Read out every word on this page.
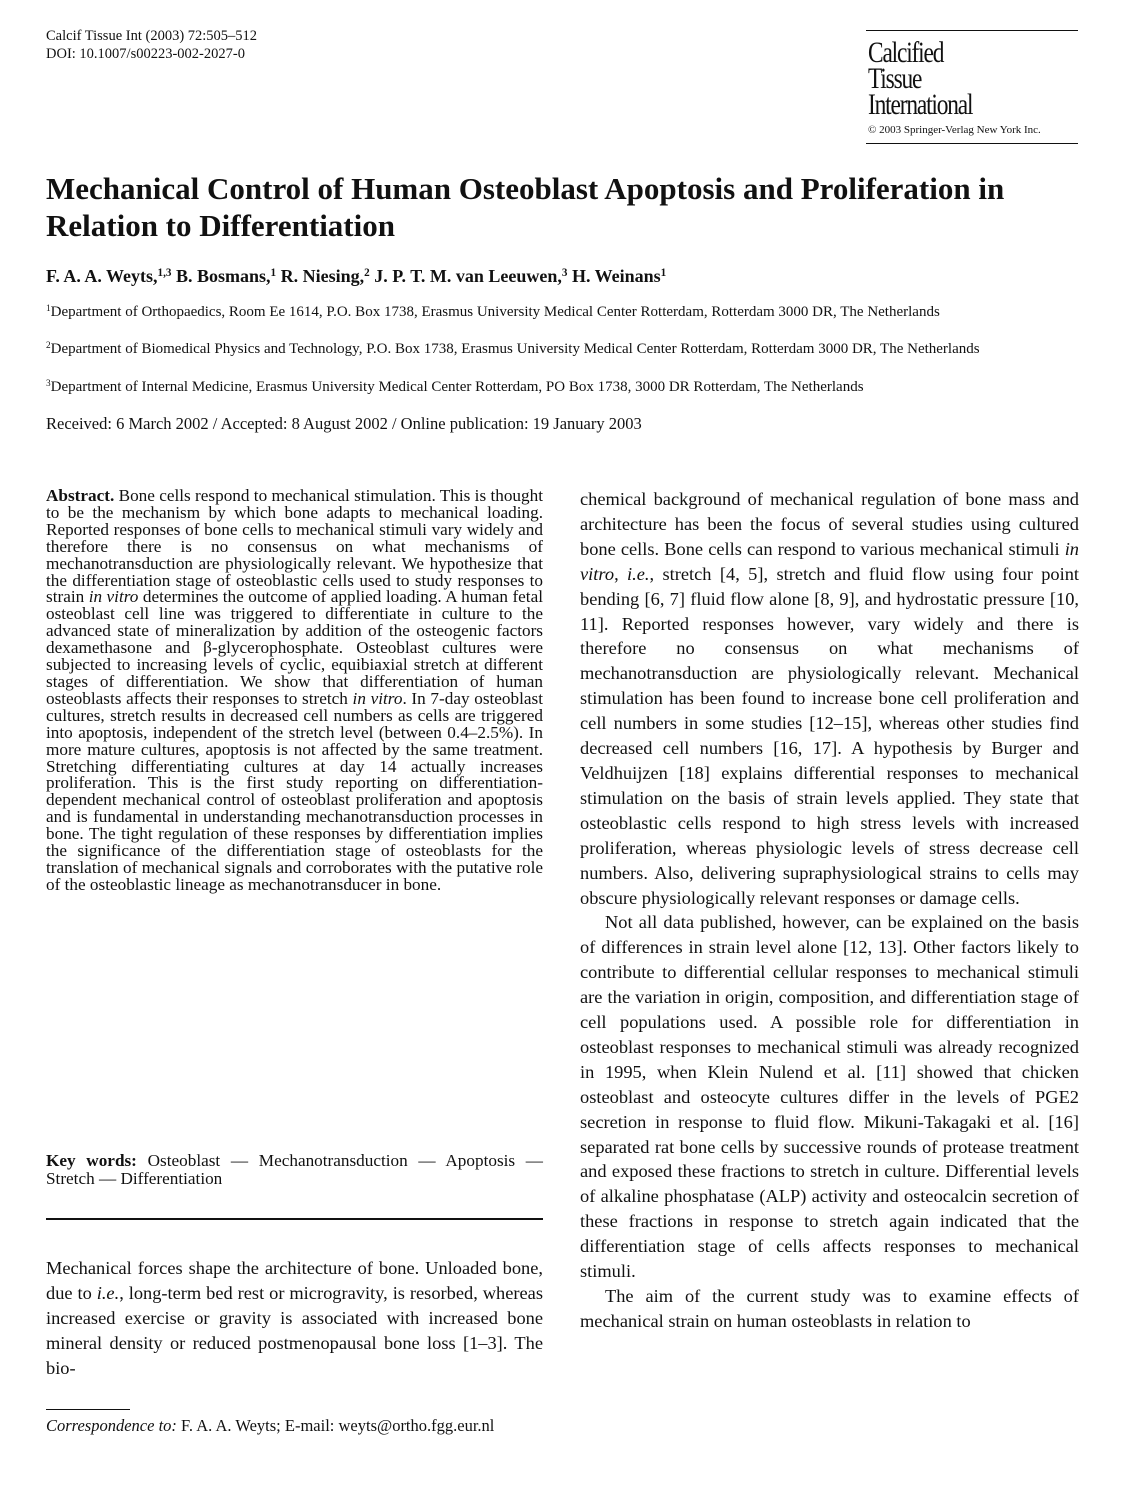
Calcif Tissue Int (2003) 72:505–512
DOI: 10.1007/s00223-002-2027-0	Calcified
Tissue
International
© 2003 Springer-Verlag New York Inc.
Mechanical Control of Human Osteoblast Apoptosis and Proliferation in Relation to Differentiation
F. A. A. Weyts,$^{1,3}$ B. Bosmans,$^1$ R. Niesing,$^2$ J. P. T. M. van Leeuwen,$^3$ H. Weinans$^1$
$^1$Department of Orthopaedics, Room Ee 1614, P.O. Box 1738, Erasmus University Medical Center Rotterdam, Rotterdam 3000 DR, The Netherlands
$^2$Department of Biomedical Physics and Technology, P.O. Box 1738, Erasmus University Medical Center Rotterdam, Rotterdam 3000 DR, The Netherlands
$^3$Department of Internal Medicine, Erasmus University Medical Center Rotterdam, PO Box 1738, 3000 DR Rotterdam, The Netherlands
Received: 6 March 2002 / Accepted: 8 August 2002 / Online publication: 19 January 2003

Abstract. Bone cells respond to mechanical stimulation. This is thought to be the mechanism by which bone adapts to mechanical loading. Reported responses of bone cells to mechanical stimuli vary widely and therefore there is no consensus on what mechanisms of mechanotransduction are physiologically relevant. We hypothesize that the differentiation stage of osteoblastic cells used to study responses to strain in vitro determines the outcome of applied loading. A human fetal osteoblast cell line was triggered to differentiate in culture to the advanced state of mineralization by addition of the osteogenic factors dexamethasone and β-glycerophosphate. Osteoblast cultures were subjected to increasing levels of cyclic, equibiaxial stretch at different stages of differentiation. We show that differentiation of human osteoblasts affects their responses to stretch in vitro. In 7-day osteoblast cultures, stretch results in decreased cell numbers as cells are triggered into apoptosis, independent of the stretch level (between 0.4–2.5%). In more mature cultures, apoptosis is not affected by the same treatment. Stretching differentiating cultures at day 14 actually increases proliferation. This is the first study reporting on differentiation-dependent mechanical control of osteoblast proliferation and apoptosis and is fundamental in understanding mechanotransduction processes in bone. The tight regulation of these responses by differentiation implies the significance of the differentiation stage of osteoblasts for the translation of mechanical signals and corroborates with the putative role of the osteoblastic lineage as mechanotransducer in bone.

Key words: Osteoblast — Mechanotransduction — Apoptosis — Stretch — Differentiation

Mechanical forces shape the architecture of bone. Unloaded bone, due to i.e., long-term bed rest or microgravity, is resorbed, whereas increased exercise or gravity is associated with increased bone mineral density or reduced postmenopausal bone loss [1–3]. The bio-

Correspondence to: F. A. A. Weyts; E-mail: weyts@ortho.fgg.eur.nl

chemical background of mechanical regulation of bone mass and architecture has been the focus of several studies using cultured bone cells. Bone cells can respond to various mechanical stimuli in vitro, i.e., stretch [4, 5], stretch and fluid flow using four point bending [6, 7] fluid flow alone [8, 9], and hydrostatic pressure [10, 11]. Reported responses however, vary widely and there is therefore no consensus on what mechanisms of mechanotransduction are physiologically relevant. Mechanical stimulation has been found to increase bone cell proliferation and cell numbers in some studies [12–15], whereas other studies find decreased cell numbers [16, 17]. A hypothesis by Burger and Veldhuijzen [18] explains differential responses to mechanical stimulation on the basis of strain levels applied. They state that osteoblastic cells respond to high stress levels with increased proliferation, whereas physiologic levels of stress decrease cell numbers. Also, delivering supraphysiological strains to cells may obscure physiologically relevant responses or damage cells.

Not all data published, however, can be explained on the basis of differences in strain level alone [12, 13]. Other factors likely to contribute to differential cellular responses to mechanical stimuli are the variation in origin, composition, and differentiation stage of cell populations used. A possible role for differentiation in osteoblast responses to mechanical stimuli was already recognized in 1995, when Klein Nulend et al. [11] showed that chicken osteoblast and osteocyte cultures differ in the levels of PGE2 secretion in response to fluid flow. Mikuni-Takagaki et al. [16] separated rat bone cells by successive rounds of protease treatment and exposed these fractions to stretch in culture. Differential levels of alkaline phosphatase (ALP) activity and osteocalcin secretion of these fractions in response to stretch again indicated that the differentiation stage of cells affects responses to mechanical stimuli.

The aim of the current study was to examine effects of mechanical strain on human osteoblasts in relation to
